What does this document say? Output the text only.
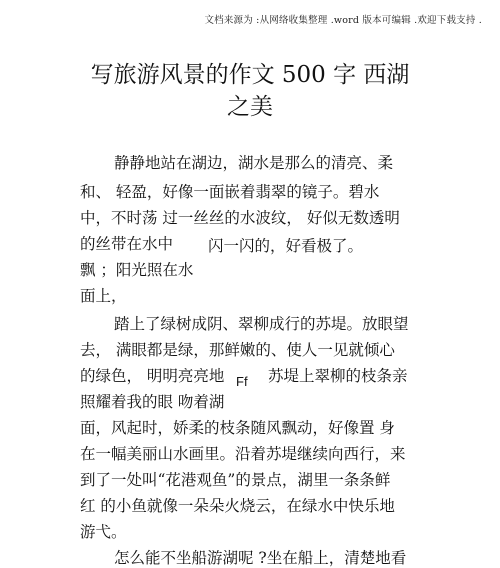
文档来源为 :从网络收集整理 .word 版本可编辑 .欢迎下载支持 .
写旅游风景的作文 500 字 西湖
之美
静静地站在湖边，湖水是那么的清亮、柔
和、 轻盈，好像一面嵌着翡翠的镜子。碧水
中，不时荡 过一丝丝的水波纹， 好似无数透明
的丝带在水中 闪一闪的，好看极了。
飘 ；阳光照在水
面上，
踏上了绿树成阴、翠柳成行的苏堤。放眼望
去， 满眼都是绿，那鲜嫩的、使人一见就倾心
的绿色， 明明亮亮地 Ff 苏堤上翠柳的枝条亲
照耀着我的眼 吻着湖
面，风起时，娇柔的枝条随风飘动，好像置 身
在一幅美丽山水画里。沿着苏堤继续向西行，来
到了一处叫“花港观鱼”的景点，湖里一条条鲜
红 的小鱼就像一朵朵火烧云，在绿水中快乐地
游弋。
怎么能不坐船游湖呢 ?坐在船上，清楚地看
